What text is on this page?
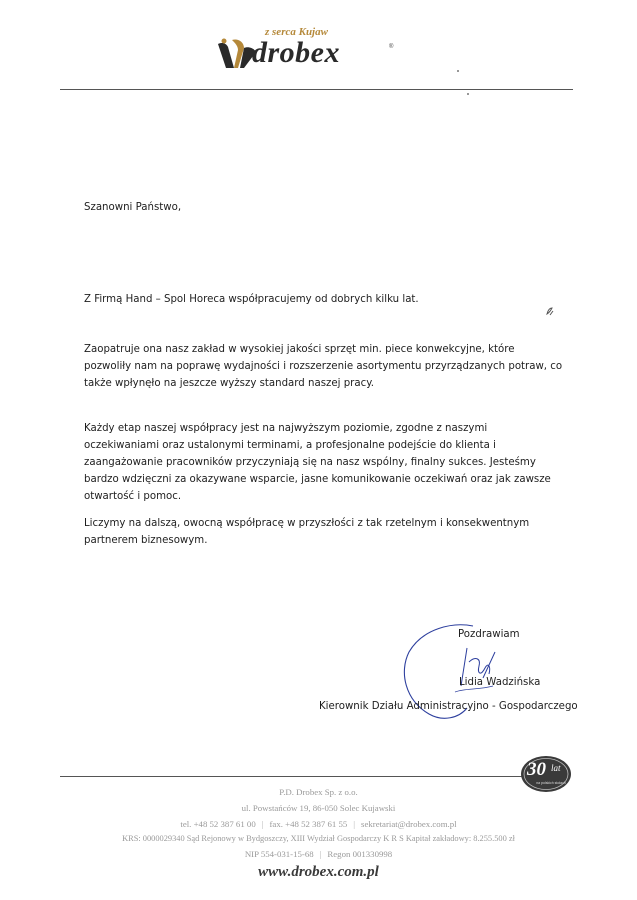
z serca Kujaw
drobex	®
Szanowni Państwo,
Z Firmą Hand – Spol Horeca współpracujemy od dobrych kilku lat.
Zaopatruje ona nasz zakład w wysokiej jakości sprzęt min. piece konwekcyjne, które pozwoliły nam na poprawę wydajności i rozszerzenie asortymentu przyrządzanych potraw, co także wpłynęło na jeszcze wyższy standard naszej pracy.
Każdy etap naszej współpracy jest na najwyższym poziomie, zgodne z naszymi oczekiwaniami oraz ustalonymi terminami, a profesjonalne podejście do klienta i zaangażowanie pracowników przyczyniają się na nasz wspólny, finalny sukces. Jesteśmy bardzo wdzięczni za okazywane wsparcie, jasne komunikowanie oczekiwań oraz jak zawsze otwartość i pomoc.
Liczymy na dalszą, owocną współpracę w przyszłości z tak rzetelnym i konsekwentnym partnerem biznesowym.
Pozdrawiam
Lidia Wadzińska
Kierownik Działu Administracyjno - Gospodarczego
30 lat
na polskich stołach
P.D. Drobex Sp. z o.o.
ul. Powstańców 19, 86-050 Solec Kujawski
tel. +48 52 387 61 00 | fax. +48 52 387 61 55 | sekretariat@drobex.com.pl
KRS: 0000029340 Sąd Rejonowy w Bydgoszczy, XIII Wydział Gospodarczy K R S Kapitał zakładowy: 8.255.500 zł
NIP 554-031-15-68 | Regon 001330998
www.drobex.com.pl
